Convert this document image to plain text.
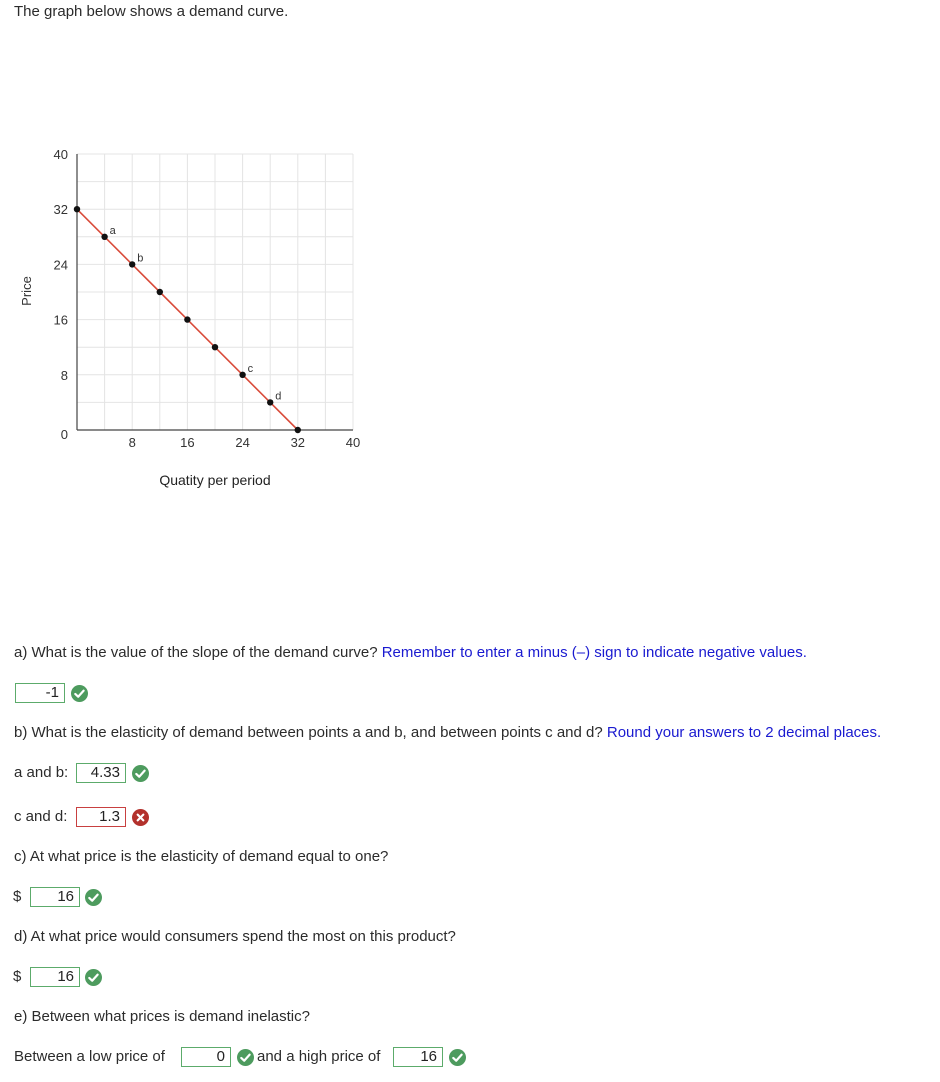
The graph below shows a demand curve.
0
8
16
24
32
40
8	16	24	32	40
a
b
c
d
Price
Quatity per period
a) What is the value of the slope of the demand curve? Remember to enter a minus (–) sign to indicate negative values.
-1
b) What is the elasticity of demand between points a and b, and between points c and d? Round your answers to 2 decimal places.
a and b:	4.33
c and d:	1.3
c) At what price is the elasticity of demand equal to one?
$	16
d) At what price would consumers spend the most on this product?
$	16
e) Between what prices is demand inelastic?
Between a low price of	0	and a high price of	16
